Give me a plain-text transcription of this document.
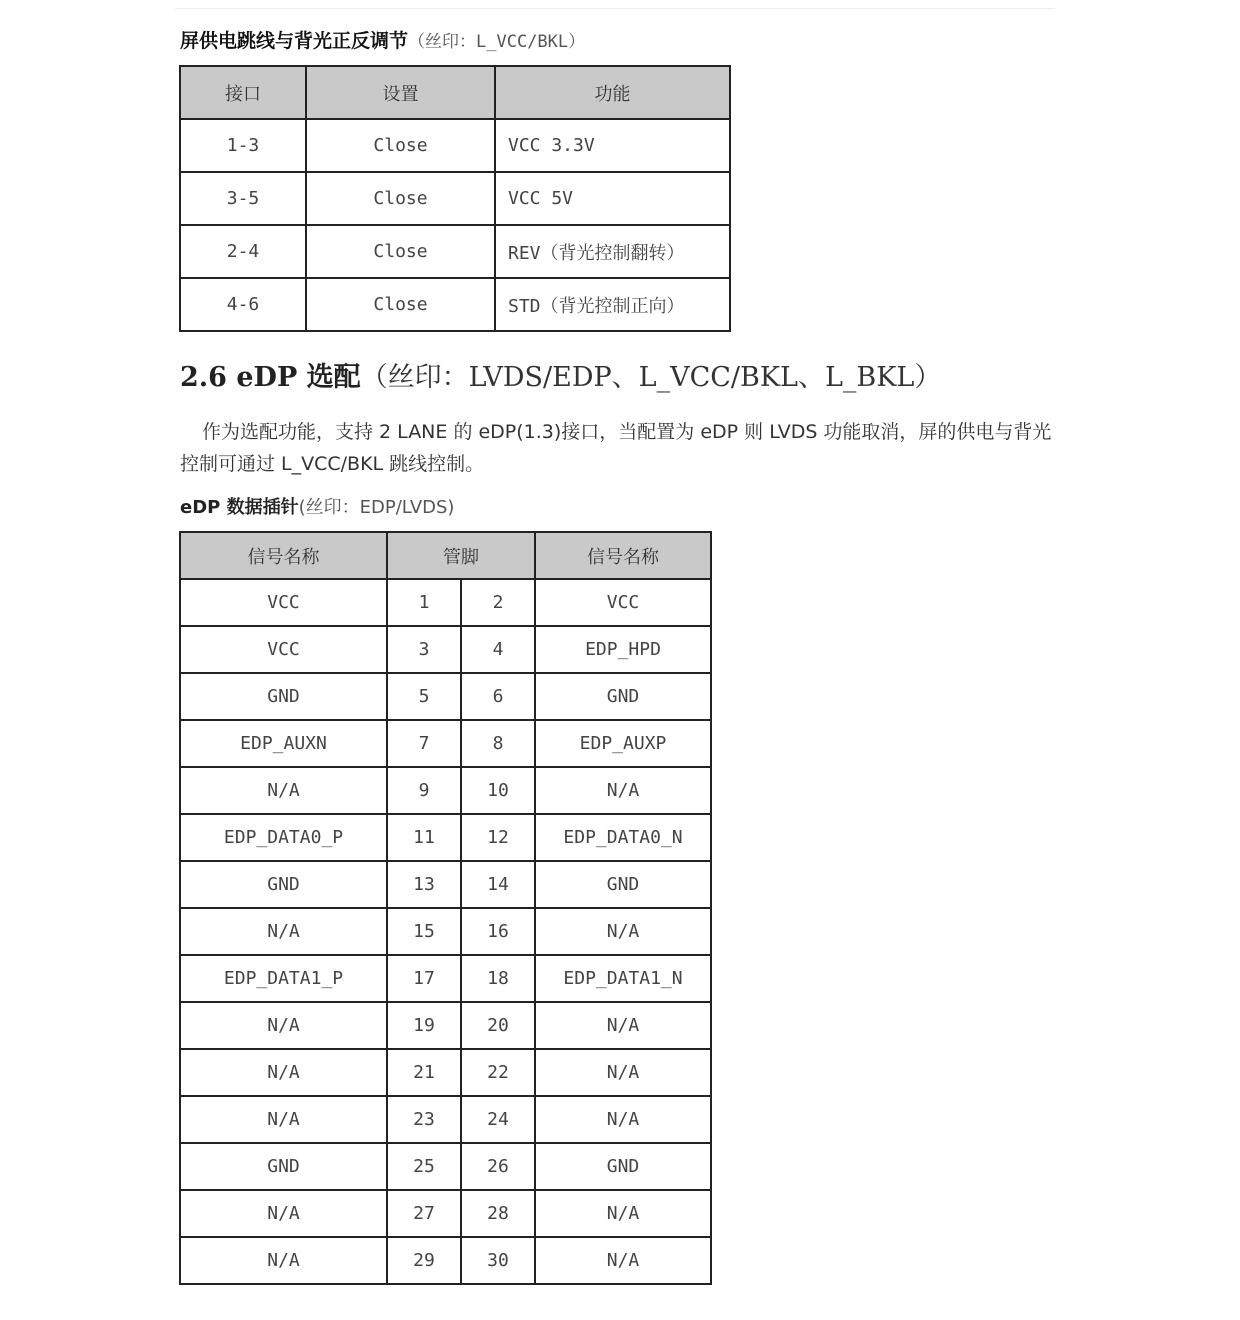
屏供电跳线与背光正反调节（丝印：L_VCC/BKL）
接口	设置	功能
1-3	Close	VCC 3.3V
3-5	Close	VCC 5V
2-4	Close	REV（背光控制翻转）
4-6	Close	STD（背光控制正向）
2.6 eDP 选配（丝印：LVDS/EDP、L_VCC/BKL、L_BKL）
作为选配功能，支持 2 LANE 的 eDP(1.3)接口，当配置为 eDP 则 LVDS 功能取消，屏的供电与背光控制可通过 L_VCC/BKL 跳线控制。
eDP 数据插针(丝印：EDP/LVDS)
信号名称	管脚		信号名称
VCC	1	2	VCC
VCC	3	4	EDP_HPD
GND	5	6	GND
EDP_AUXN	7	8	EDP_AUXP
N/A	9	10	N/A
EDP_DATA0_P	11	12	EDP_DATA0_N
GND	13	14	GND
N/A	15	16	N/A
EDP_DATA1_P	17	18	EDP_DATA1_N
N/A	19	20	N/A
N/A	21	22	N/A
N/A	23	24	N/A
GND	25	26	GND
N/A	27	28	N/A
N/A	29	30	N/A
